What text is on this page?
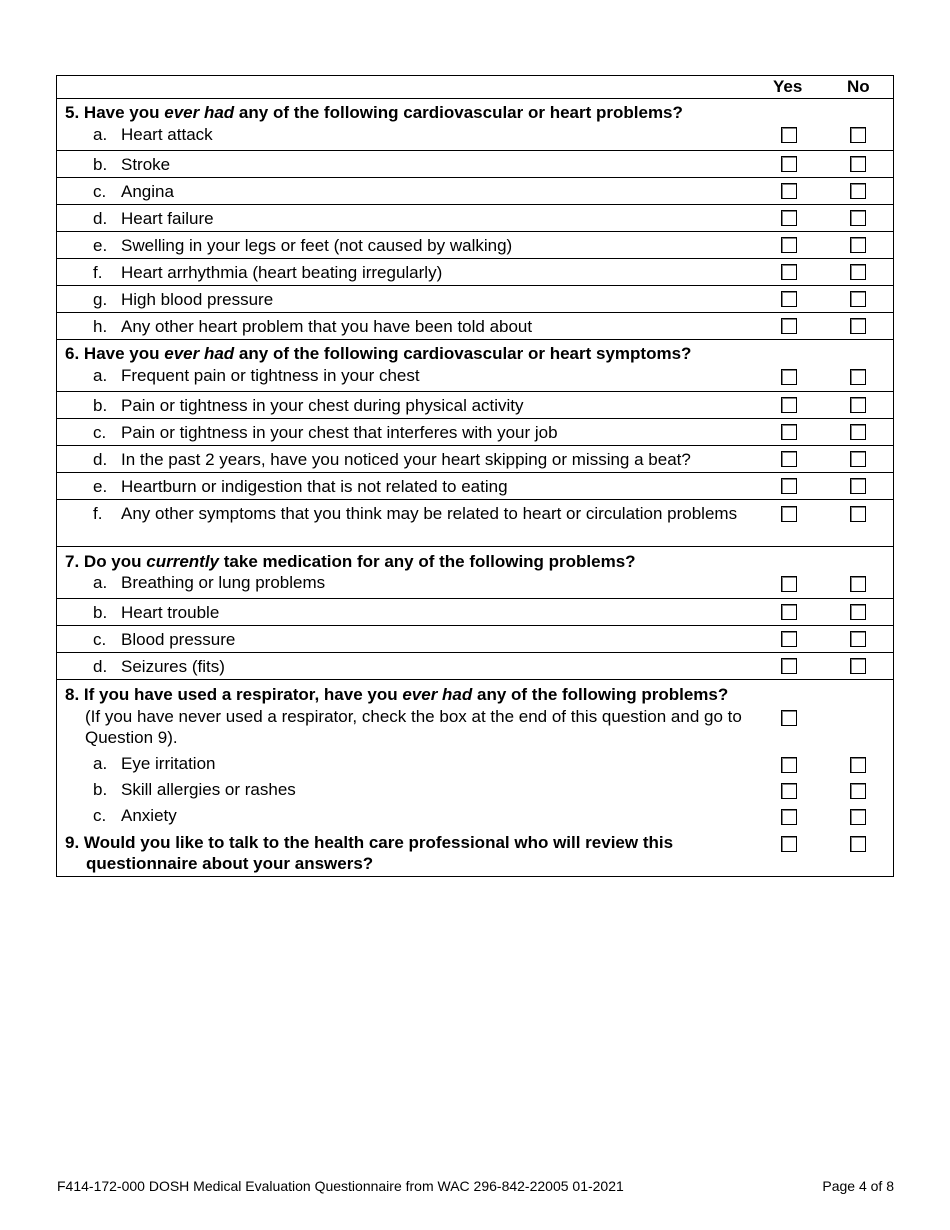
Yes	No
5. Have you ever had any of the following cardiovascular or heart problems?
a. Heart attack
b. Stroke
c. Angina
d. Heart failure
e. Swelling in your legs or feet (not caused by walking)
f.	Heart arrhythmia (heart beating irregularly)
g. High blood pressure
h. Any other heart problem that you have been told about
6. Have you ever had any of the following cardiovascular or heart symptoms?
a. Frequent pain or tightness in your chest
b. Pain or tightness in your chest during physical activity
c. Pain or tightness in your chest that interferes with your job
d. In the past 2 years, have you noticed your heart skipping or missing a beat?
e. Heartburn or indigestion that is not related to eating
f.	Any other symptoms that you think may be related to heart or circulation problems
7. Do you currently take medication for any of the following problems?
a. Breathing or lung problems
b. Heart trouble
c. Blood pressure
d. Seizures (fits)
8. If you have used a respirator, have you ever had any of the following problems?
(If you have never used a respirator, check the box at the end of this question and go to Question 9).
a. Eye irritation
b. Skill allergies or rashes
c. Anxiety
9. Would you like to talk to the health care professional who will review this questionnaire about your answers?
F414-172-000 DOSH Medical Evaluation Questionnaire from WAC 296-842-22005 01-2021	Page 4 of 8
